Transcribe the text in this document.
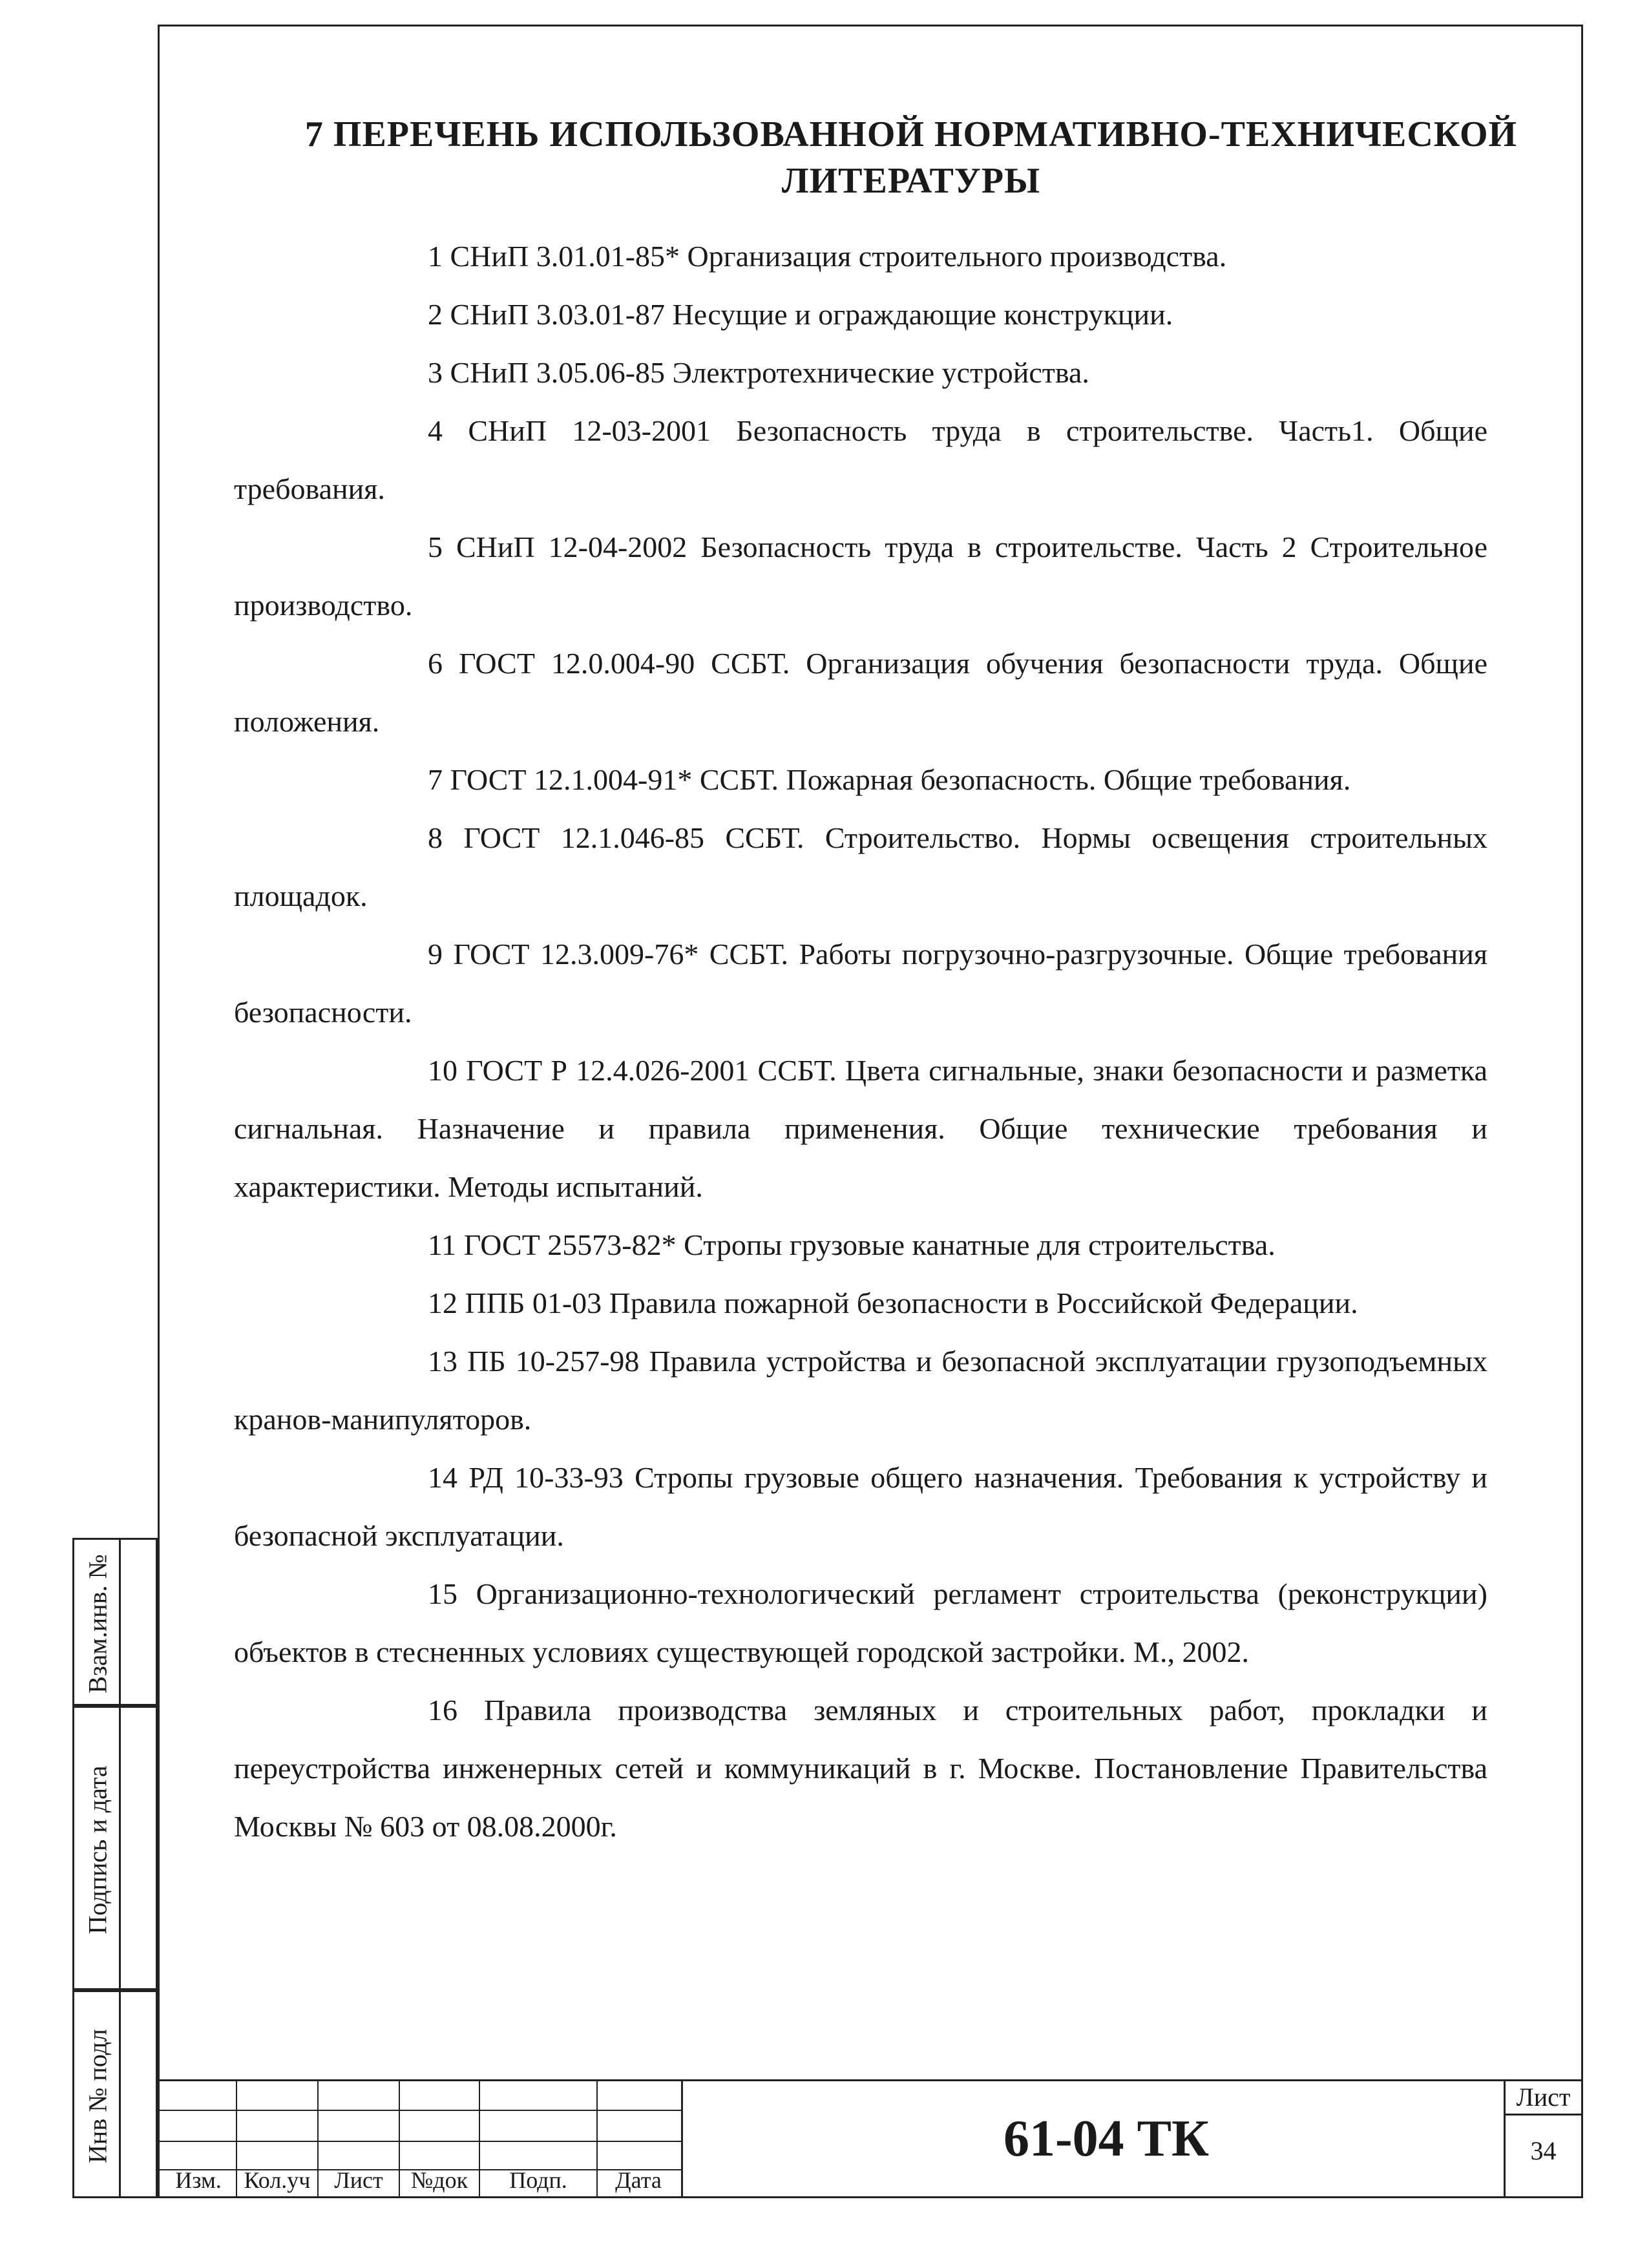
7 ПЕРЕЧЕНЬ ИСПОЛЬЗОВАННОЙ НОРМАТИВНО-ТЕХНИЧЕСКОЙ
ЛИТЕРАТУРЫ

1 СНиП 3.01.01-85* Организация строительного производства.

2 СНиП 3.03.01-87 Несущие и ограждающие конструкции.

3 СНиП 3.05.06-85 Электротехнические устройства.

4 СНиП 12-03-2001 Безопасность труда в строительстве. Часть1. Общие требования.

5 СНиП 12-04-2002 Безопасность труда в строительстве. Часть 2 Строительное производство.

6 ГОСТ 12.0.004-90 ССБТ. Организация обучения безопасности труда. Общие положения.

7 ГОСТ 12.1.004-91* ССБТ. Пожарная безопасность. Общие требования.

8 ГОСТ 12.1.046-85 ССБТ. Строительство. Нормы освещения строительных площадок.

9 ГОСТ 12.3.009-76* ССБТ. Работы погрузочно-разгрузочные. Общие требования безопасности.

10 ГОСТ Р 12.4.026-2001 ССБТ. Цвета сигнальные, знаки безопасности и разметка сигнальная. Назначение и правила применения. Общие технические требования и характеристики. Методы испытаний.

11 ГОСТ 25573-82* Стропы грузовые канатные для строительства.

12 ППБ 01-03 Правила пожарной безопасности в Российской Федерации.

13 ПБ 10-257-98 Правила устройства и безопасной эксплуатации грузоподъемных кранов-манипуляторов.

14 РД 10-33-93 Стропы грузовые общего назначения. Требования к устройству и безопасной эксплуатации.

15 Организационно-технологический регламент строительства (реконструкции) объектов в стесненных условиях существующей городской застройки. М., 2002.

16 Правила производства земляных и строительных работ, прокладки и переустройства инженерных сетей и коммуникаций в г. Москве. Постановление Правительства Москвы № 603 от 08.08.2000г.

Взам.инв. №
Подпись и дата
Инв № подл
Изм. Кол.уч	Лист	№док	Подп.	Дата
61-04 ТК
Лист
34
